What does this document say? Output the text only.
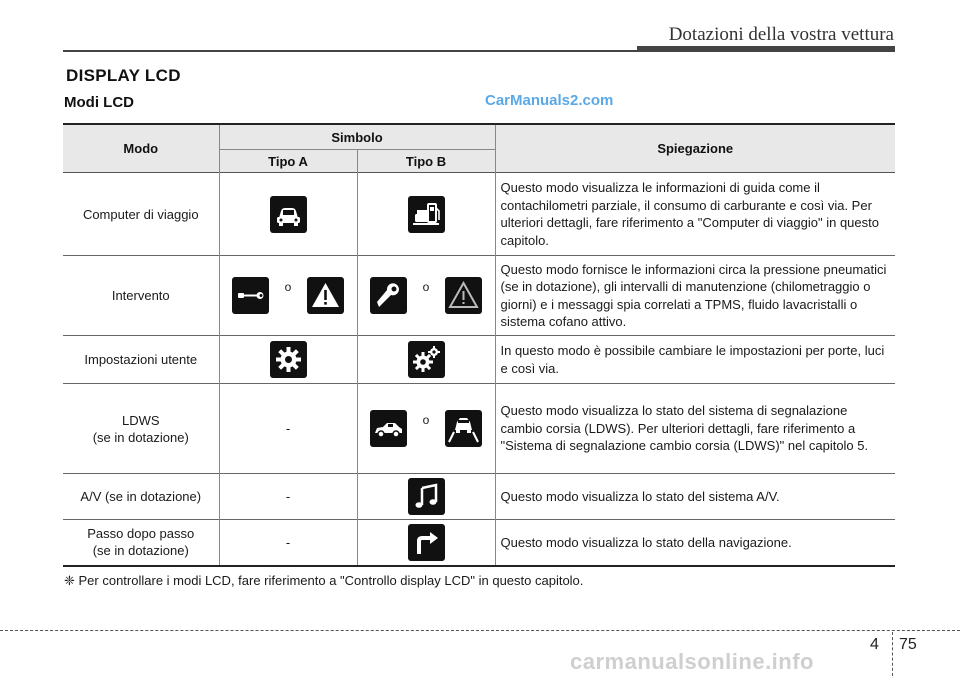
Dotazioni della vostra vettura
DISPLAY LCD
Modi LCD	CarManuals2.com
Modo	Simbolo		Spiegazione
	Tipo A	Tipo B	
Computer di viaggio			Questo modo visualizza le informazioni di guida come il contachilometri parziale, il consumo di carburante e così via. Per ulteriori dettagli, fare riferimento a "Computer di viaggio" in questo capitolo.
Intervento	o	o	Questo modo fornisce le informazioni circa la pressione pneumatici (se in dotazione), gli intervalli di manutenzione (chilometraggio o giorni) e i messaggi spia correlati a TPMS, fluido lavacristalli o sistema cofano attivo.
Impostazioni utente			In questo modo è possibile cambiare le impostazioni per porte, luci e così via.

LDWS
(se in dotazione)	-	o	Questo modo visualizza lo stato del sistema di segnalazione cambio corsia (LDWS). Per ulteriori dettagli, fare riferimento a "Sistema di segnalazione cambio corsia (LDWS)" nel capitolo 5.
A/V (se in dotazione)	-		Questo modo visualizza lo stato del sistema A/V.

Passo dopo passo
(se in dotazione)	-		Questo modo visualizza lo stato della navigazione.
❈ Per controllare i modi LCD, fare riferimento a "Controllo display LCD" in questo capitolo.
4 75
carmanualsonline.info
